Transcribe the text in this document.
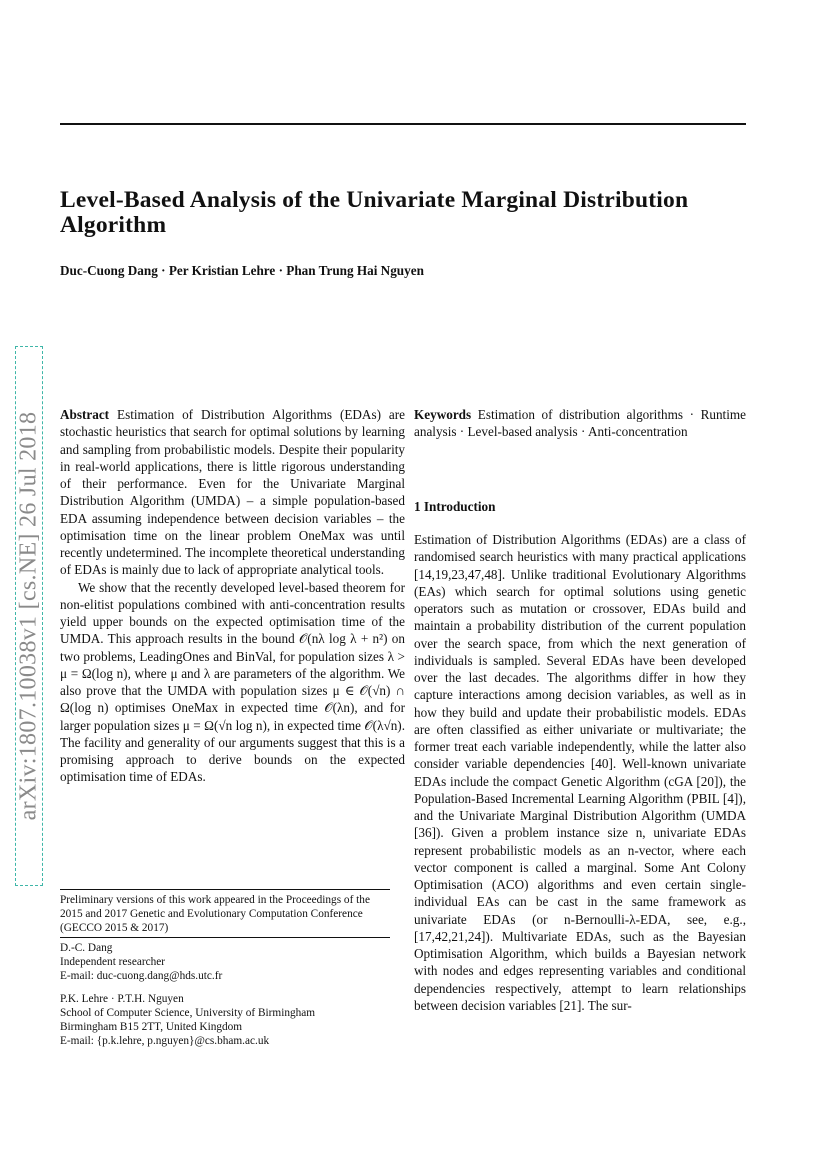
Level-Based Analysis of the Univariate Marginal Distribution Algorithm
Duc-Cuong Dang · Per Kristian Lehre · Phan Trung Hai Nguyen
arXiv:1807.10038v1 [cs.NE] 26 Jul 2018 Abstract Estimation of Distribution Algorithms (EDAs) are stochastic heuristics that search for optimal solutions by learning and sampling from probabilistic models. Despite their popularity in real-world applications, there is little rigorous understanding of their performance. Even for the Univariate Marginal Distribution Algorithm (UMDA) – a simple population-based EDA assuming independence between decision variables – the optimisation time on the linear problem OneMax was until recently undetermined. The incomplete theoretical understanding of EDAs is mainly due to lack of appropriate analytical tools.

We show that the recently developed level-based theorem for non-elitist populations combined with anti-concentration results yield upper bounds on the expected optimisation time of the UMDA. This approach results in the bound 𝒪(nλ log λ + n²) on two problems, LeadingOnes and BinVal, for population sizes λ > μ = Ω(log n), where μ and λ are parameters of the algorithm. We also prove that the UMDA with population sizes μ ∈ 𝒪(√n) ∩ Ω(log n) optimises OneMax in expected time 𝒪(λn), and for larger population sizes μ = Ω(√n log n), in expected time 𝒪(λ√n). The facility and generality of our arguments suggest that this is a promising approach to derive bounds on the expected optimisation time of EDAs.

Keywords Estimation of distribution algorithms · Runtime analysis · Level-based analysis · Anti-concentration

1 Introduction

Estimation of Distribution Algorithms (EDAs) are a class of randomised search heuristics with many practical applications [14,19,23,47,48]. Unlike traditional Evolutionary Algorithms (EAs) which search for optimal solutions using genetic operators such as mutation or crossover, EDAs build and maintain a probability distribution of the current population over the search space, from which the next generation of individuals is sampled. Several EDAs have been developed over the last decades. The algorithms differ in how they capture interactions among decision variables, as well as in how they build and update their probabilistic models. EDAs are often classified as either univariate or multivariate; the former treat each variable independently, while the latter also consider variable dependencies [40]. Well-known univariate EDAs include the compact Genetic Algorithm (cGA [20]), the Population-Based Incremental Learning Algorithm (PBIL [4]), and the Univariate Marginal Distribution Algorithm (UMDA [36]). Given a problem instance size n, univariate EDAs represent probabilistic models as an n-vector, where each vector component is called a marginal. Some Ant Colony Optimisation (ACO) algorithms and even certain single-individual EAs can be cast in the same framework as univariate EDAs (or n-Bernoulli-λ-EDA, see, e.g., [17,42,21,24]). Multivariate EDAs, such as the Bayesian Optimisation Algorithm, which builds a Bayesian network with nodes and edges representing variables and conditional dependencies respectively, attempt to learn relationships between decision variables [21]. The sur-

Preliminary versions of this work appeared in the Proceedings of the 2015 and 2017 Genetic and Evolutionary Computation Conference (GECCO 2015 & 2017)
D.-C. Dang
Independent researcher
E-mail: duc-cuong.dang@hds.utc.fr
P.K. Lehre · P.T.H. Nguyen
School of Computer Science, University of Birmingham
Birmingham B15 2TT, United Kingdom
E-mail: {p.k.lehre, p.nguyen}@cs.bham.ac.uk
